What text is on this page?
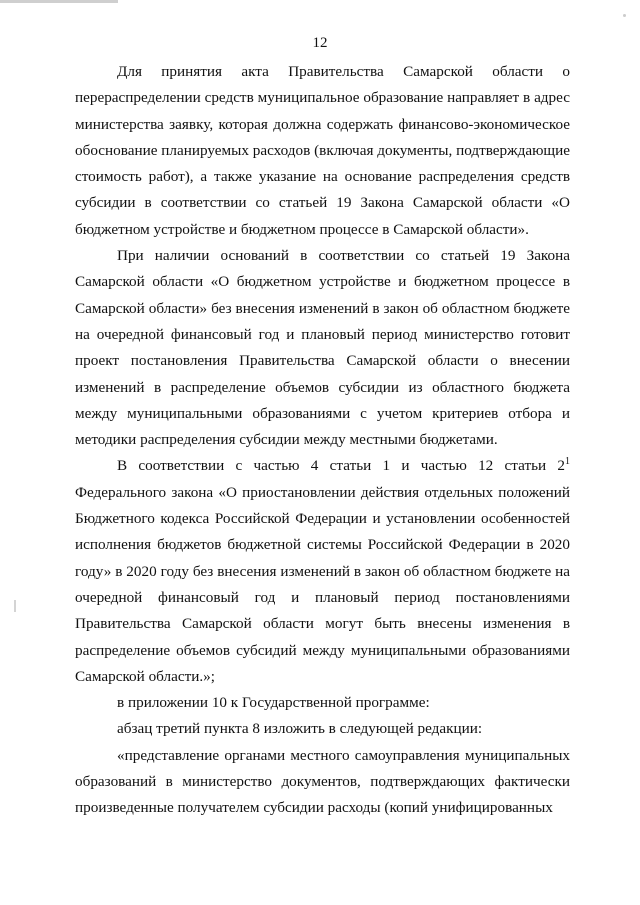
12

Для принятия акта Правительства Самарской области о перераспределении средств муниципальное образование направляет в адрес министерства заявку, которая должна содержать финансово-экономическое обоснование планируемых расходов (включая документы, подтверждающие стоимость работ), а также указание на основание распределения средств субсидии в соответствии со статьей 19 Закона Самарской области «О бюджетном устройстве и бюджетном процессе в Самарской области».

При наличии оснований в соответствии со статьей 19 Закона Самарской области «О бюджетном устройстве и бюджетном процессе в Самарской области» без внесения изменений в закон об областном бюджете на очередной финансовый год и плановый период министерство готовит проект постановления Правительства Самарской области о внесении изменений в распределение объемов субсидии из областного бюджета между муниципальными образованиями с учетом критериев отбора и методики распределения субсидии между местными бюджетами.

В соответствии с частью 4 статьи 1 и частью 12 статьи $2^1$ Федерального закона «О приостановлении действия отдельных положений Бюджетного кодекса Российской Федерации и установлении особенностей исполнения бюджетов бюджетной системы Российской Федерации в 2020 году» в 2020 году без внесения изменений в закон об областном бюджете на очередной финансовый год и плановый период постановлениями Правительства Самарской области могут быть внесены изменения в распределение объемов субсидий между муниципальными образованиями Самарской области.»;

в приложении 10 к Государственной программе:

абзац третий пункта 8 изложить в следующей редакции:

«представление органами местного самоуправления муниципальных образований в министерство документов, подтверждающих фактически произведенные получателем субсидии расходы (копий унифицированных
